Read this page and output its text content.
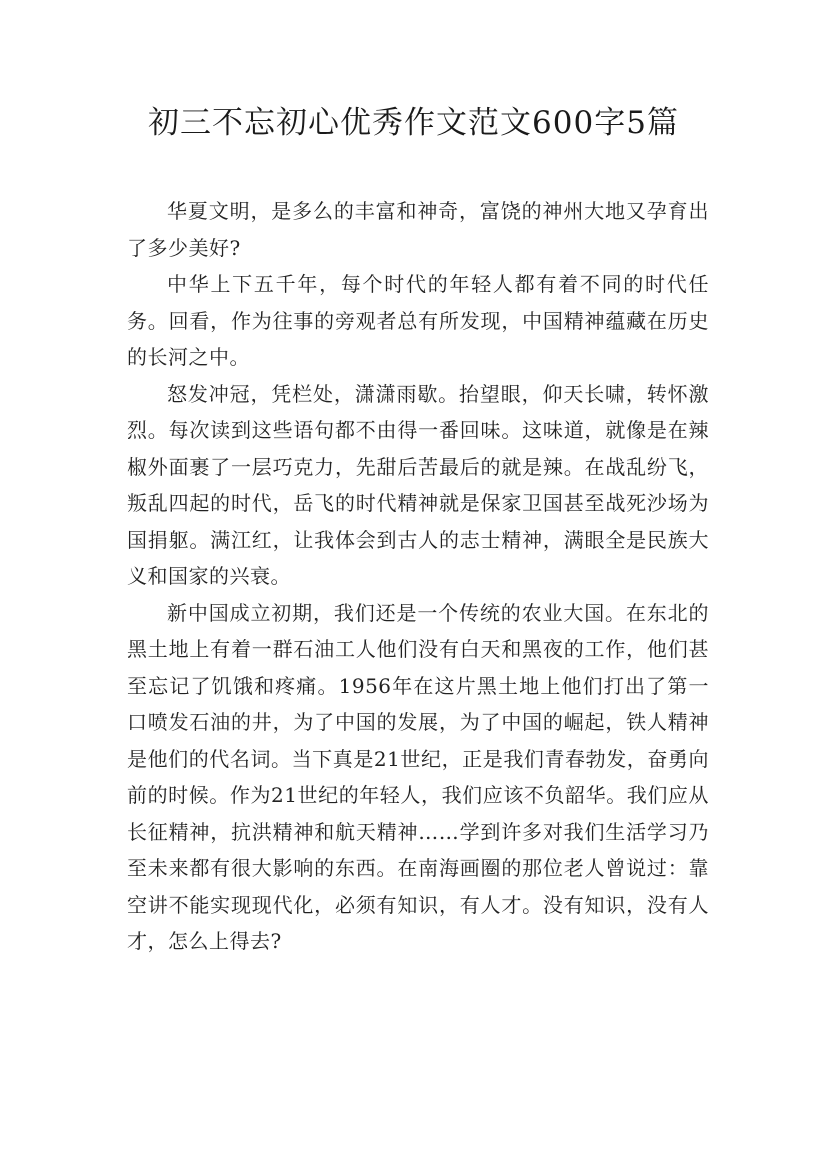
初三不忘初心优秀作文范文600字5篇

华夏文明，是多么的丰富和神奇，富饶的神州大地又孕育出了多少美好?

中华上下五千年，每个时代的年轻人都有着不同的时代任务。回看，作为往事的旁观者总有所发现，中国精神蕴藏在历史的长河之中。

怒发冲冠，凭栏处，潇潇雨歇。抬望眼，仰天长啸，转怀激烈。每次读到这些语句都不由得一番回味。这味道，就像是在辣椒外面裹了一层巧克力，先甜后苦最后的就是辣。在战乱纷飞，叛乱四起的时代，岳飞的时代精神就是保家卫国甚至战死沙场为国捐躯。满江红，让我体会到古人的志士精神，满眼全是民族大义和国家的兴衰。

新中国成立初期，我们还是一个传统的农业大国。在东北的黑土地上有着一群石油工人他们没有白天和黑夜的工作，他们甚至忘记了饥饿和疼痛。1956年在这片黑土地上他们打出了第一口喷发石油的井，为了中国的发展，为了中国的崛起，铁人精神是他们的代名词。当下真是21世纪，正是我们青春勃发，奋勇向前的时候。作为21世纪的年轻人，我们应该不负韶华。我们应从长征精神，抗洪精神和航天精神……学到许多对我们生活学习乃至未来都有很大影响的东西。在南海画圈的那位老人曾说过：靠空讲不能实现现代化，必须有知识，有人才。没有知识，没有人才，怎么上得去?
